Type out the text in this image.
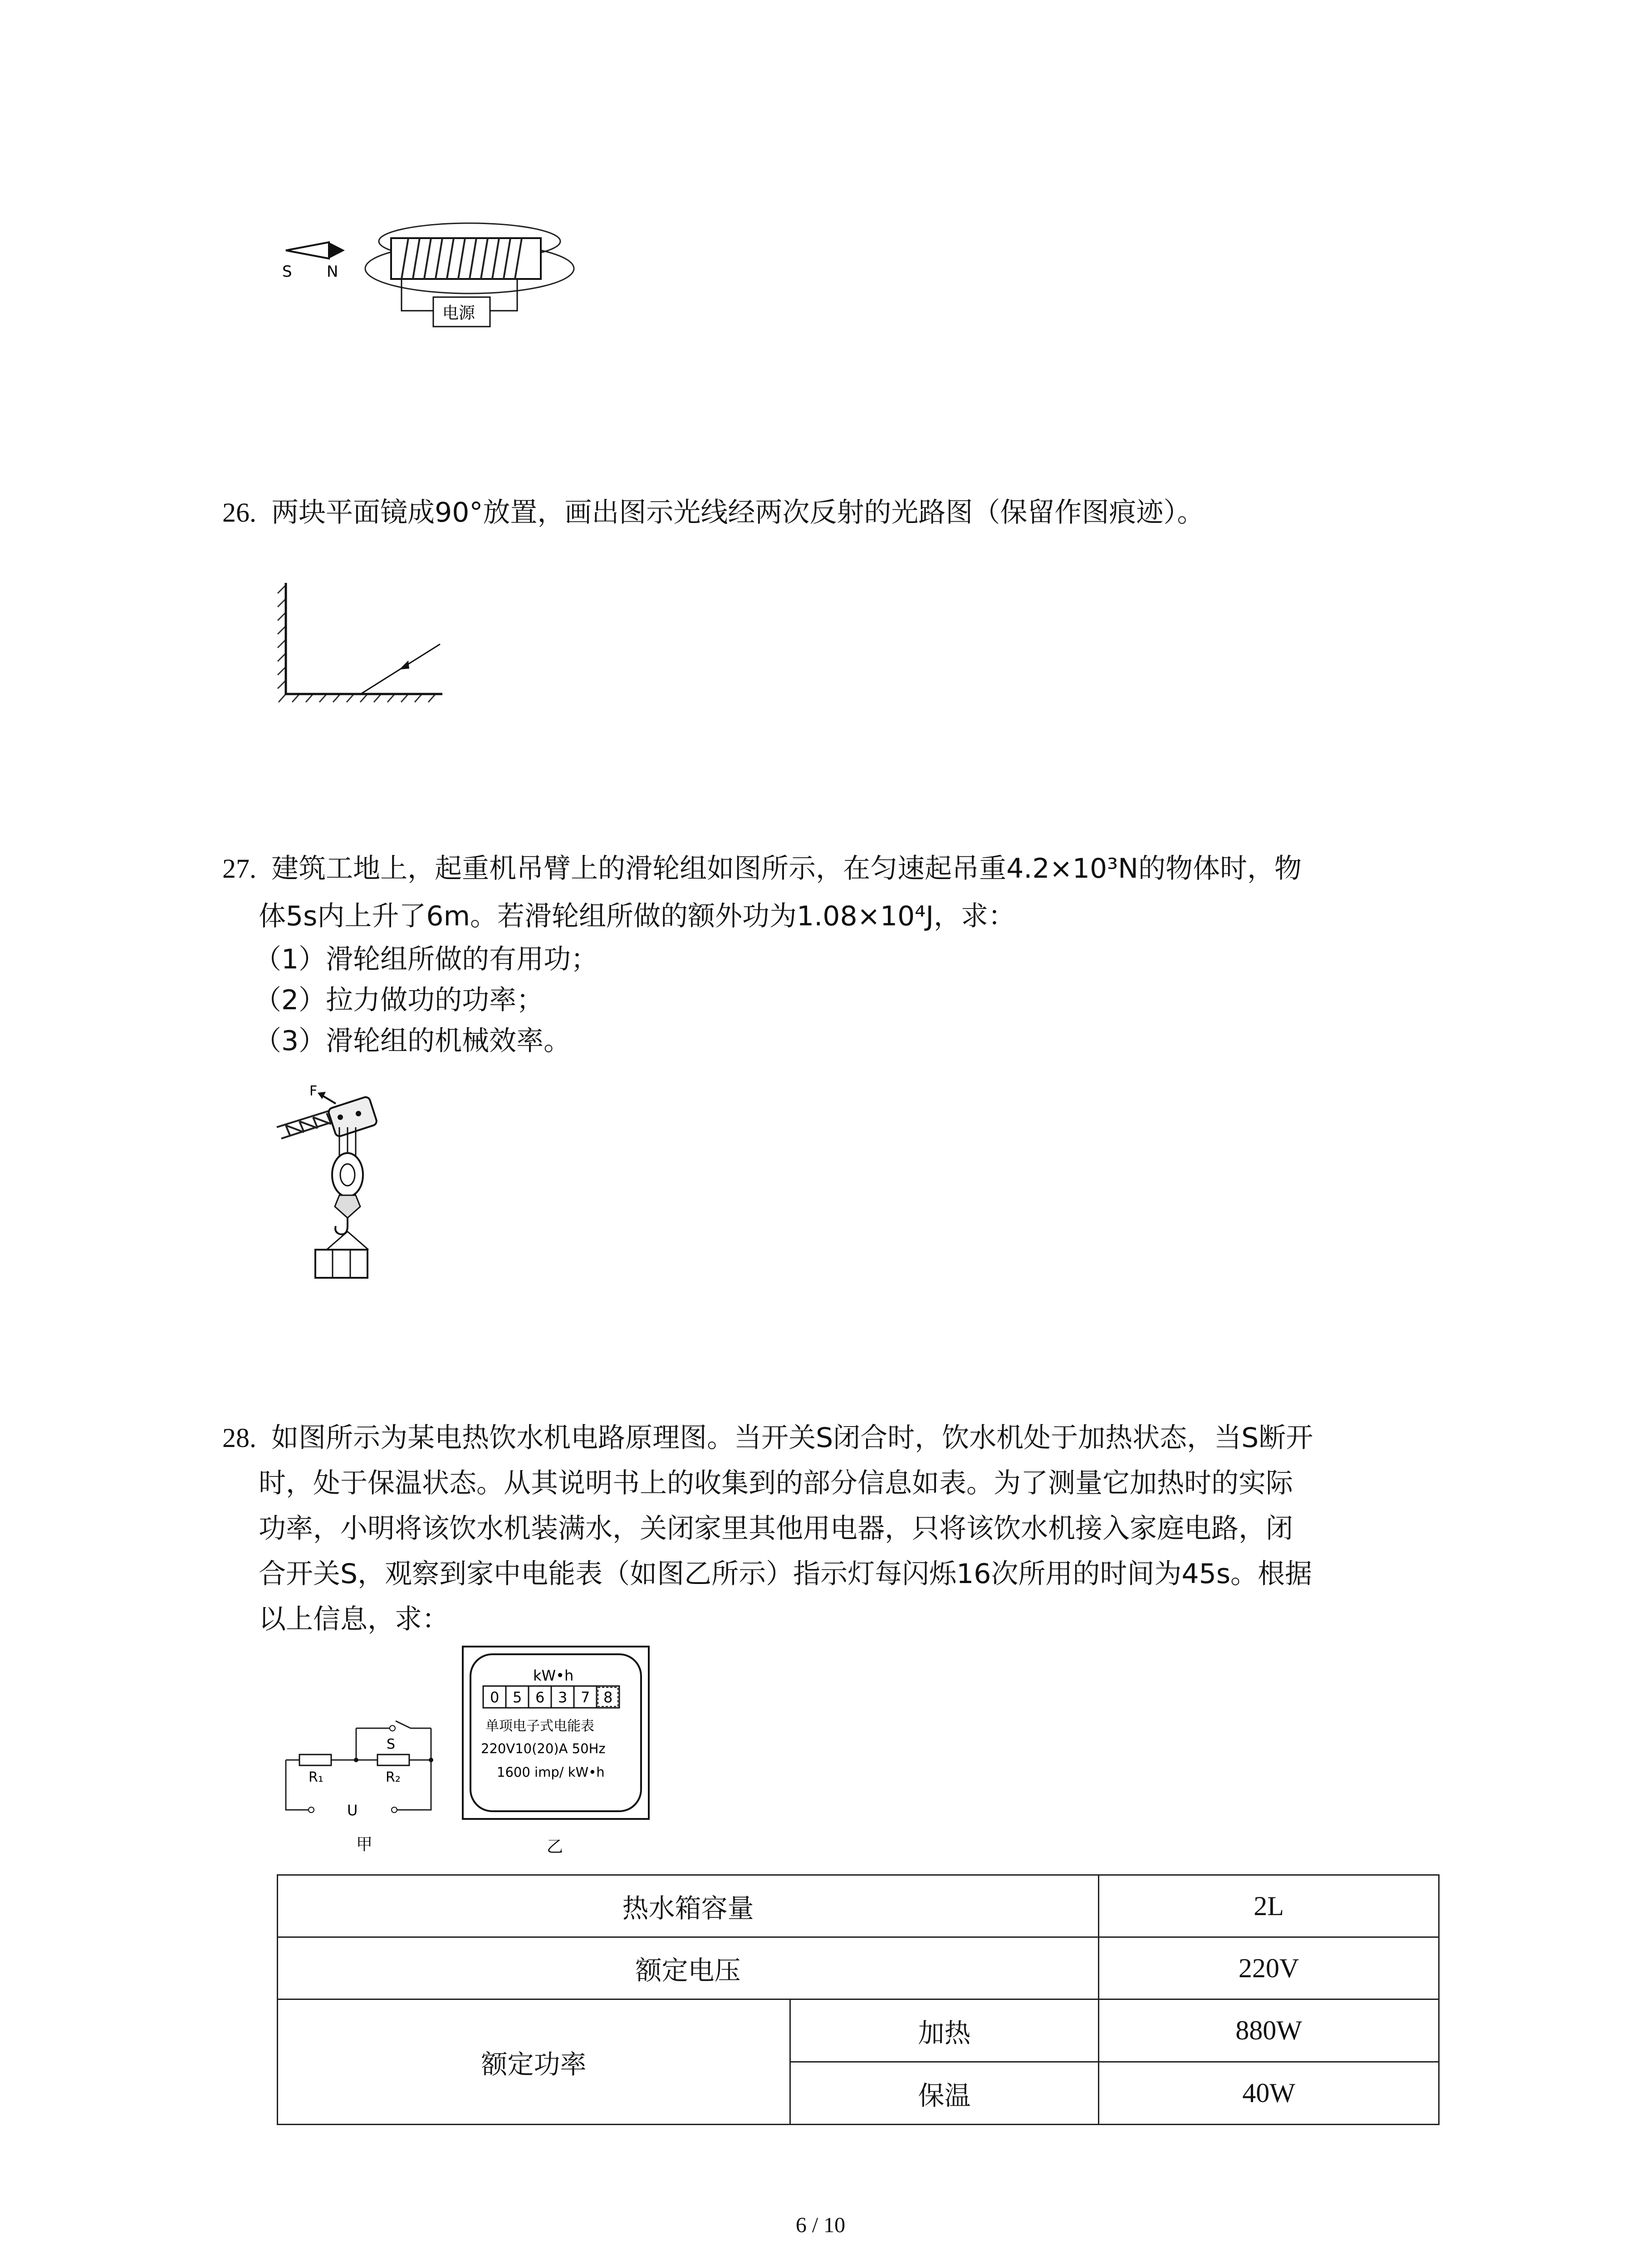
S N
电源
26. 两块平面镜成90°放置，画出图示光线经两次反射的光路图（保留作图痕迹）。
27. 建筑工地上，起重机吊臂上的滑轮组如图所示，在匀速起吊重4.2×10³N的物体时，物
体5s内上升了6m。若滑轮组所做的额外功为1.08×10⁴J，求：
（1）滑轮组所做的有用功；
（2）拉力做功的功率；
（3）滑轮组的机械效率。
F
28. 如图所示为某电热饮水机电路原理图。当开关S闭合时，饮水机处于加热状态，当S断开
时，处于保温状态。从其说明书上的收集到的部分信息如表。为了测量它加热时的实际
功率，小明将该饮水机装满水，关闭家里其他用电器，只将该饮水机接入家庭电路，闭
合开关S，观察到家中电能表（如图乙所示）指示灯每闪烁16次所用的时间为45s。根据
以上信息，求：
S
R₁	R₂
U
甲
kW•h
0 5 6 3 7 8
单项电子式电能表
220V10(20)A 50Hz
1600 imp/ kW•h
乙
热水箱容量		2L
额定电压		220V
额定功率	加热	880W
	保温	40W
6 / 10
